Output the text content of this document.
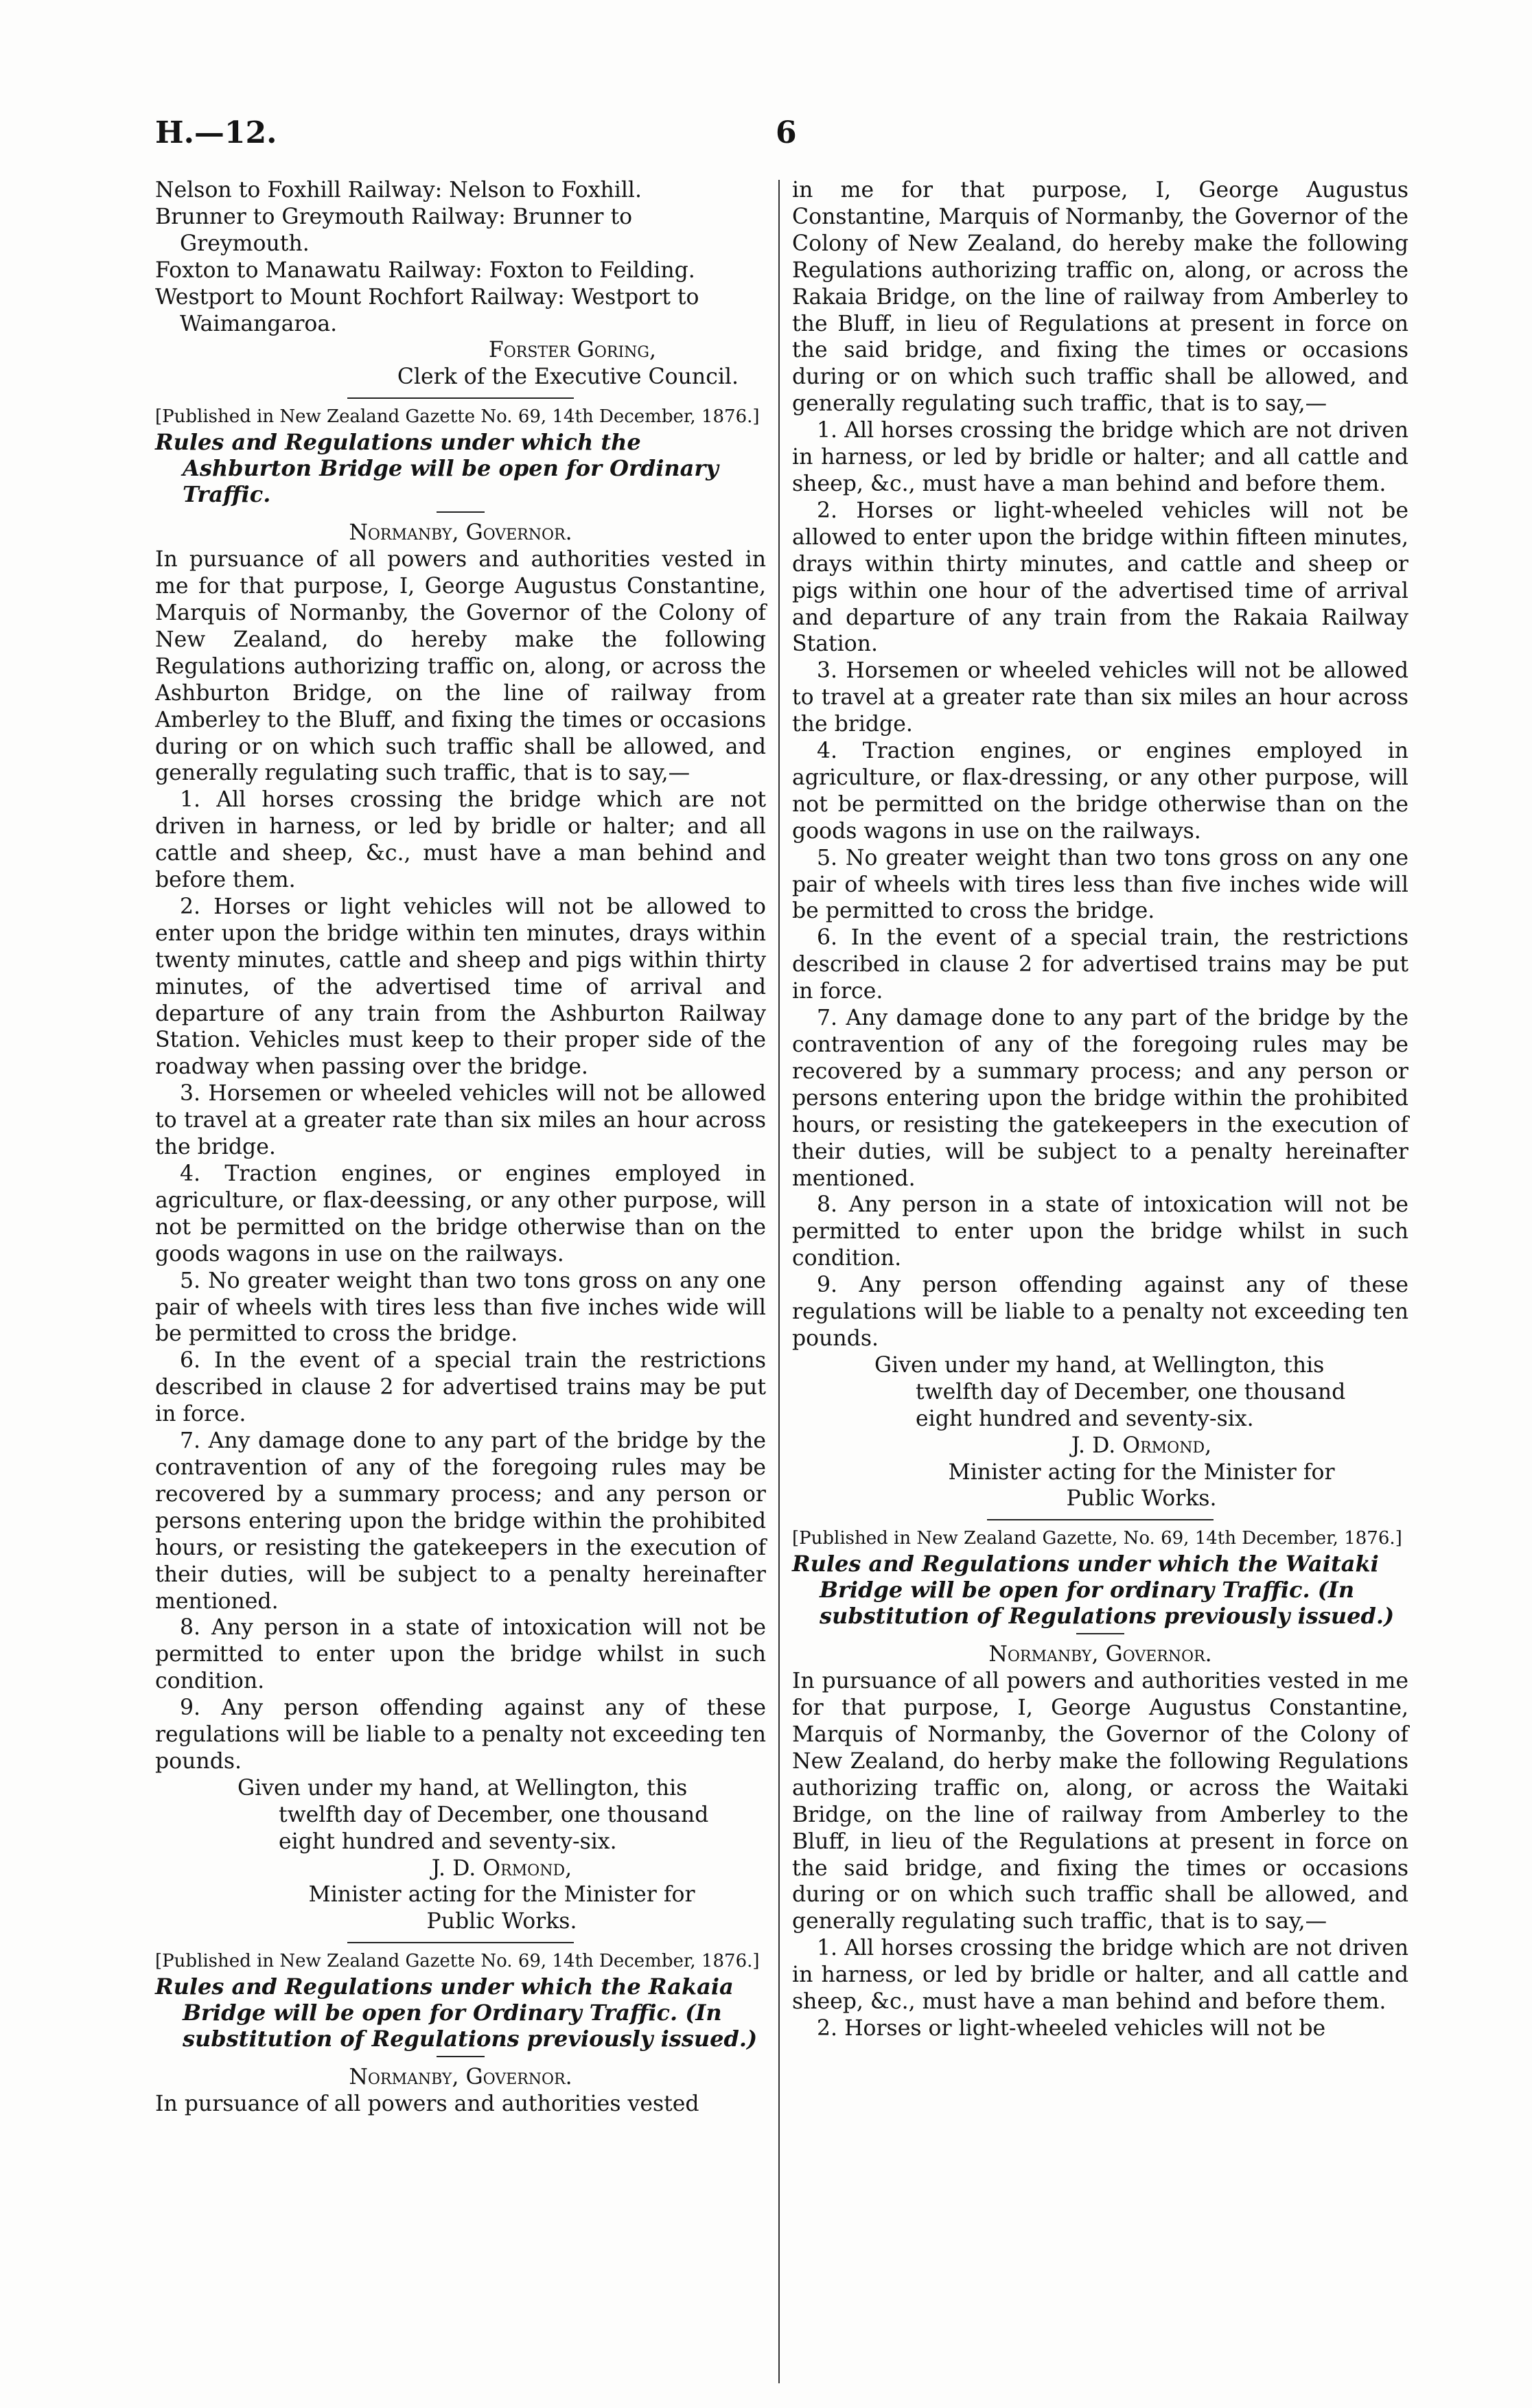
H.—12.	6

Nelson to Foxhill Railway: Nelson to Foxhill.

Brunner to Greymouth Railway: Brunner to Greymouth.

Foxton to Manawatu Railway: Foxton to Feilding.

Westport to Mount Rochfort Railway: Westport to Waimangaroa.

Forster Goring,

Clerk of the Executive Council.

[Published in New Zealand Gazette No. 69, 14th December, 1876.]

Rules and Regulations under which the Ashburton Bridge will be open for Ordinary Traffic.

Normanby, Governor.

In pursuance of all powers and authorities vested in me for that purpose, I, George Augustus Constantine, Marquis of Normanby, the Governor of the Colony of New Zealand, do hereby make the following Regulations authorizing traffic on, along, or across the Ashburton Bridge, on the line of railway from Amberley to the Bluff, and fixing the times or occasions during or on which such traffic shall be allowed, and generally regulating such traffic, that is to say,—

1. All horses crossing the bridge which are not driven in harness, or led by bridle or halter; and all cattle and sheep, &c., must have a man behind and before them.

2. Horses or light vehicles will not be allowed to enter upon the bridge within ten minutes, drays within twenty minutes, cattle and sheep and pigs within thirty minutes, of the advertised time of arrival and departure of any train from the Ashburton Railway Station. Vehicles must keep to their proper side of the roadway when passing over the bridge.

3. Horsemen or wheeled vehicles will not be allowed to travel at a greater rate than six miles an hour across the bridge.

4. Traction engines, or engines employed in agriculture, or flax-deessing, or any other purpose, will not be permitted on the bridge otherwise than on the goods wagons in use on the railways.

5. No greater weight than two tons gross on any one pair of wheels with tires less than five inches wide will be permitted to cross the bridge.

6. In the event of a special train the restrictions described in clause 2 for advertised trains may be put in force.

7. Any damage done to any part of the bridge by the contravention of any of the foregoing rules may be recovered by a summary process; and any person or persons entering upon the bridge within the prohibited hours, or resisting the gatekeepers in the execution of their duties, will be subject to a penalty hereinafter mentioned.

8. Any person in a state of intoxication will not be permitted to enter upon the bridge whilst in such condition.

9. Any person offending against any of these regulations will be liable to a penalty not exceeding ten pounds.

Given under my hand, at Wellington, this

twelfth day of December, one thousand

eight hundred and seventy-six.

J. D. Ormond,

Minister acting for the Minister for

Public Works.

[Published in New Zealand Gazette No. 69, 14th December, 1876.]

Rules and Regulations under which the Rakaia Bridge will be open for Ordinary Traffic. (In substitution of Regulations previously issued.)

Normanby, Governor.

In pursuance of all powers and authorities vested

in me for that purpose, I, George Augustus Constantine, Marquis of Normanby, the Governor of the Colony of New Zealand, do hereby make the following Regulations authorizing traffic on, along, or across the Rakaia Bridge, on the line of railway from Amberley to the Bluff, in lieu of Regulations at present in force on the said bridge, and fixing the times or occasions during or on which such traffic shall be allowed, and generally regulating such traffic, that is to say,—

1. All horses crossing the bridge which are not driven in harness, or led by bridle or halter; and all cattle and sheep, &c., must have a man behind and before them.

2. Horses or light-wheeled vehicles will not be allowed to enter upon the bridge within fifteen minutes, drays within thirty minutes, and cattle and sheep or pigs within one hour of the advertised time of arrival and departure of any train from the Rakaia Railway Station.

3. Horsemen or wheeled vehicles will not be allowed to travel at a greater rate than six miles an hour across the bridge.

4. Traction engines, or engines employed in agriculture, or flax-dressing, or any other purpose, will not be permitted on the bridge otherwise than on the goods wagons in use on the railways.

5. No greater weight than two tons gross on any one pair of wheels with tires less than five inches wide will be permitted to cross the bridge.

6. In the event of a special train, the restrictions described in clause 2 for advertised trains may be put in force.

7. Any damage done to any part of the bridge by the contravention of any of the foregoing rules may be recovered by a summary process; and any person or persons entering upon the bridge within the prohibited hours, or resisting the gatekeepers in the execution of their duties, will be subject to a penalty hereinafter mentioned.

8. Any person in a state of intoxication will not be permitted to enter upon the bridge whilst in such condition.

9. Any person offending against any of these regulations will be liable to a penalty not exceeding ten pounds.

Given under my hand, at Wellington, this

twelfth day of December, one thousand

eight hundred and seventy-six.

J. D. Ormond,

Minister acting for the Minister for

Public Works.

[Published in New Zealand Gazette, No. 69, 14th December, 1876.]

Rules and Regulations under which the Waitaki Bridge will be open for ordinary Traffic. (In substitution of Regulations previously issued.)

Normanby, Governor.

In pursuance of all powers and authorities vested in me for that purpose, I, George Augustus Constantine, Marquis of Normanby, the Governor of the Colony of New Zealand, do herby make the following Regulations authorizing traffic on, along, or across the Waitaki Bridge, on the line of railway from Amberley to the Bluff, in lieu of the Regulations at present in force on the said bridge, and fixing the times or occasions during or on which such traffic shall be allowed, and generally regulating such traffic, that is to say,—

1. All horses crossing the bridge which are not driven in harness, or led by bridle or halter, and all cattle and sheep, &c., must have a man behind and before them.

2. Horses or light-wheeled vehicles will not be
